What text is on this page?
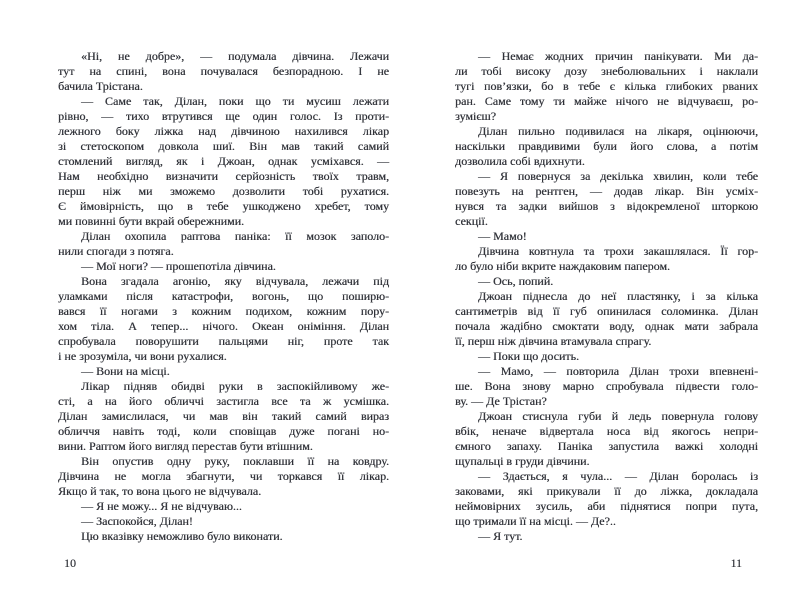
«Ні, не добре», — подумала дівчина. Лежачи
тут на спині, вона почувалася безпорадною. І не
бачила Трістана.
— Саме так, Ділан, поки що ти мусиш лежати
рівно, — тихо втрутився ще один голос. Із проти-
лежного боку ліжка над дівчиною нахилився лікар
зі стетоскопом довкола шиї. Він мав такий самий
стомлений вигляд, як і Джоан, однак усміхався. —
Нам необхідно визначити серйозність твоїх травм,
перш ніж ми зможемо дозволити тобі рухатися.
Є ймовірність, що в тебе ушкоджено хребет, тому
ми повинні бути вкрай обережними.
Ділан охопила раптова паніка: її мозок заполо-
нили спогади з потяга.
— Мої ноги? — прошепотіла дівчина.
Вона згадала агонію, яку відчувала, лежачи під
уламками після катастрофи, вогонь, що поширю-
вався її ногами з кожним подихом, кожним пору-
хом тіла. А тепер... нічого. Океан оніміння. Ділан
спробувала поворушити пальцями ніг, проте так
і не зрозуміла, чи вони рухалися.
— Вони на місці.
Лікар підняв обидві руки в заспокійливому же-
сті, а на його обличчі застигла все та ж усмішка.
Ділан замислилася, чи мав він такий самий вираз
обличчя навіть тоді, коли сповіщав дуже погані но-
вини. Раптом його вигляд перестав бути втішним.
Він опустив одну руку, поклавши її на ковдру.
Дівчина не могла збагнути, чи торкався її лікар.
Якщо й так, то вона цього не відчувала.
— Я не можу... Я не відчуваю...
— Заспокойся, Ділан!
Цю вказівку неможливо було виконати.
10
— Немає жодних причин панікувати. Ми да-
ли тобі високу дозу знеболювальних і наклали
тугі пов’язки, бо в тебе є кілька глибоких рваних
ран. Саме тому ти майже нічого не відчуваєш, ро-
зумієш?
Ділан пильно подивилася на лікаря, оцінюючи,
наскільки правдивими були його слова, а потім
дозволила собі вдихнути.
— Я повернуся за декілька хвилин, коли тебе
повезуть на рентген, — додав лікар. Він усміх-
нувся та задки вийшов з відокремленої шторкою
секції.
— Мамо!
Дівчина ковтнула та трохи закашлялася. Її гор-
ло було ніби вкрите наждаковим папером.
— Ось, попий.
Джоан піднесла до неї пластянку, і за кілька
сантиметрів від її губ опинилася соломинка. Ділан
почала жадібно смоктати воду, однак мати забрала
її, перш ніж дівчина втамувала спрагу.
— Поки що досить.
— Мамо, — повторила Ділан трохи впевнені-
ше. Вона знову марно спробувала підвести голо-
ву. — Де Трістан?
Джоан стиснула губи й ледь повернула голову
вбік, неначе відвертала носа від якогось непри-
ємного запаху. Паніка запустила важкі холодні
щупальці в груди дівчини.
— Здається, я чула... — Ділан боролась із
заковами, які прикували її до ліжка, докладала
неймовірних зусиль, аби піднятися попри пута,
що тримали її на місці. — Де?..
— Я тут.
11
